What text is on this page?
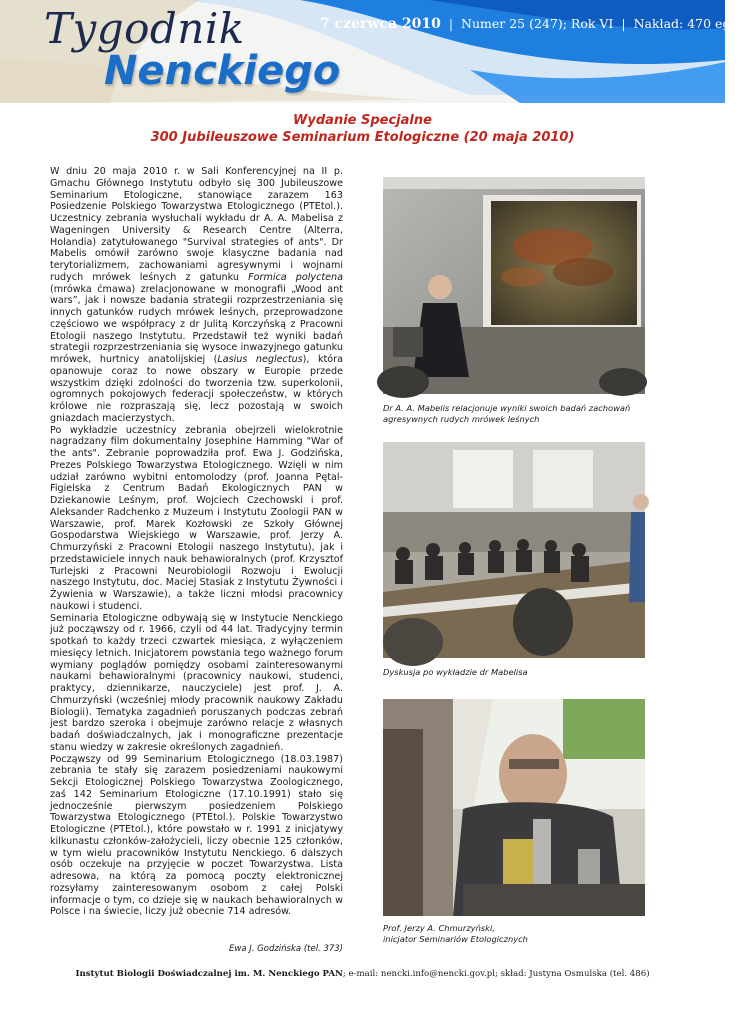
Tygodnik
Nenckiego
7 czerwca 2010 | Numer 25 (247); Rok VI | Nakład: 470 egz.
Wydanie Specjalne
300 Jubileuszowe Seminarium Etologiczne (20 maja 2010)

W dniu 20 maja 2010 r. w Sali Konferencyjnej na II p. Gmachu Głównego Instytutu odbyło się 300 Jubileuszowe Seminarium Etologiczne, stanowiące zarazem 163 Posiedzenie Polskiego Towarzystwa Etologicznego (PTEtol.). Uczestnicy zebrania wysłuchali wykładu dr A. A. Mabelisa z Wageningen University & Research Centre (Alterra, Holandia) zatytułowanego "Survival strategies of ants". Dr Mabelis omówił zarówno swoje klasyczne badania nad terytorializmem, zachowaniami agresywnymi i wojnami rudych mrówek leśnych z gatunku Formica polyctena (mrówka ćmawa) zrelacjonowane w monografii „Wood ant wars”, jak i nowsze badania strategii rozprzestrzeniania się innych gatunków rudych mrówek leśnych, przeprowadzone częściowo we współpracy z dr Julitą Korczyńską z Pracowni Etologii naszego Instytutu. Przedstawił też wyniki badań strategii rozprzestrzeniania się wysoce inwazyjnego gatunku mrówek, hurtnicy anatolijskiej (Lasius neglectus), która opanowuje coraz to nowe obszary w Europie przede wszystkim dzięki zdolności do tworzenia tzw. superkolonii, ogromnych pokojowych federacji społeczeństw, w których królowe nie rozpraszają się, lecz pozostają w swoich gniazdach macierzystych.

Po wykładzie uczestnicy zebrania obejrzeli wielokrotnie nagradzany film dokumentalny Josephine Hamming "War of the ants". Zebranie poprowadziła prof. Ewa J. Godzińska, Prezes Polskiego Towarzystwa Etologicznego. Wzięli w nim udział zarówno wybitni entomolodzy (prof. Joanna Pętal-Figielska z Centrum Badań Ekologicznych PAN w Dziekanowie Leśnym, prof. Wojciech Czechowski i prof. Aleksander Radchenko z Muzeum i Instytutu Zoologii PAN w Warszawie, prof. Marek Kozłowski ze Szkoły Głównej Gospodarstwa Wiejskiego w Warszawie, prof. Jerzy A. Chmurzyński z Pracowni Etologii naszego Instytutu), jak i przedstawiciele innych nauk behawioralnych (prof. Krzysztof Turlejski z Pracowni Neurobiologii Rozwoju i Ewolucji naszego Instytutu, doc. Maciej Stasiak z Instytutu Żywności i Żywienia w Warszawie), a także liczni młodsi pracownicy naukowi i studenci.

Seminaria Etologiczne odbywają się w Instytucie Nenckiego już począwszy od r. 1966, czyli od 44 lat. Tradycyjny termin spotkań to każdy trzeci czwartek miesiąca, z wyłączeniem miesięcy letnich. Inicjatorem powstania tego ważnego forum wymiany poglądów pomiędzy osobami zainteresowanymi naukami behawioralnymi (pracownicy naukowi, studenci, praktycy, dziennikarze, nauczyciele) jest prof. J. A. Chmurzyński (wcześniej młody pracownik naukowy Zakładu Biologii). Tematyka zagadnień poruszanych podczas zebrań jest bardzo szeroka i obejmuje zarówno relacje z własnych badań doświadczalnych, jak i monograficzne prezentacje stanu wiedzy w zakresie określonych zagadnień.

Począwszy od 99 Seminarium Etologicznego (18.03.1987) zebrania te stały się zarazem posiedzeniami naukowymi Sekcji Etologicznej Polskiego Towarzystwa Zoologicznego, zaś 142 Seminarium Etologiczne (17.10.1991) stało się jednocześnie pierwszym posiedzeniem Polskiego Towarzystwa Etologicznego (PTEtol.). Polskie Towarzystwo Etologiczne (PTEtol.), które powstało w r. 1991 z inicjatywy kilkunastu członków-założycieli, liczy obecnie 125 członków, w tym wielu pracowników Instytutu Nenckiego. 6 dalszych osób oczekuje na przyjęcie w poczet Towarzystwa. Lista adresowa, na którą za pomocą poczty elektronicznej rozsyłamy zainteresowanym osobom z całej Polski informacje o tym, co dzieje się w naukach behawioralnych w Polsce i na świecie, liczy już obecnie 714 adresów.

Ewa J. Godzińska (tel. 373)
Dr A. A. Mabelis relacjonuje wyniki swoich badań zachowań agresywnych rudych mrówek leśnych
Dyskusja po wykładzie dr Mabelisa
Prof. Jerzy A. Chmurzyński,
inicjator Seminariów Etologicznych
Instytut Biologii Doświadczalnej im. M. Nenckiego PAN; e-mail: nencki.info@nencki.gov.pl; skład: Justyna Osmulska (tel. 486)
